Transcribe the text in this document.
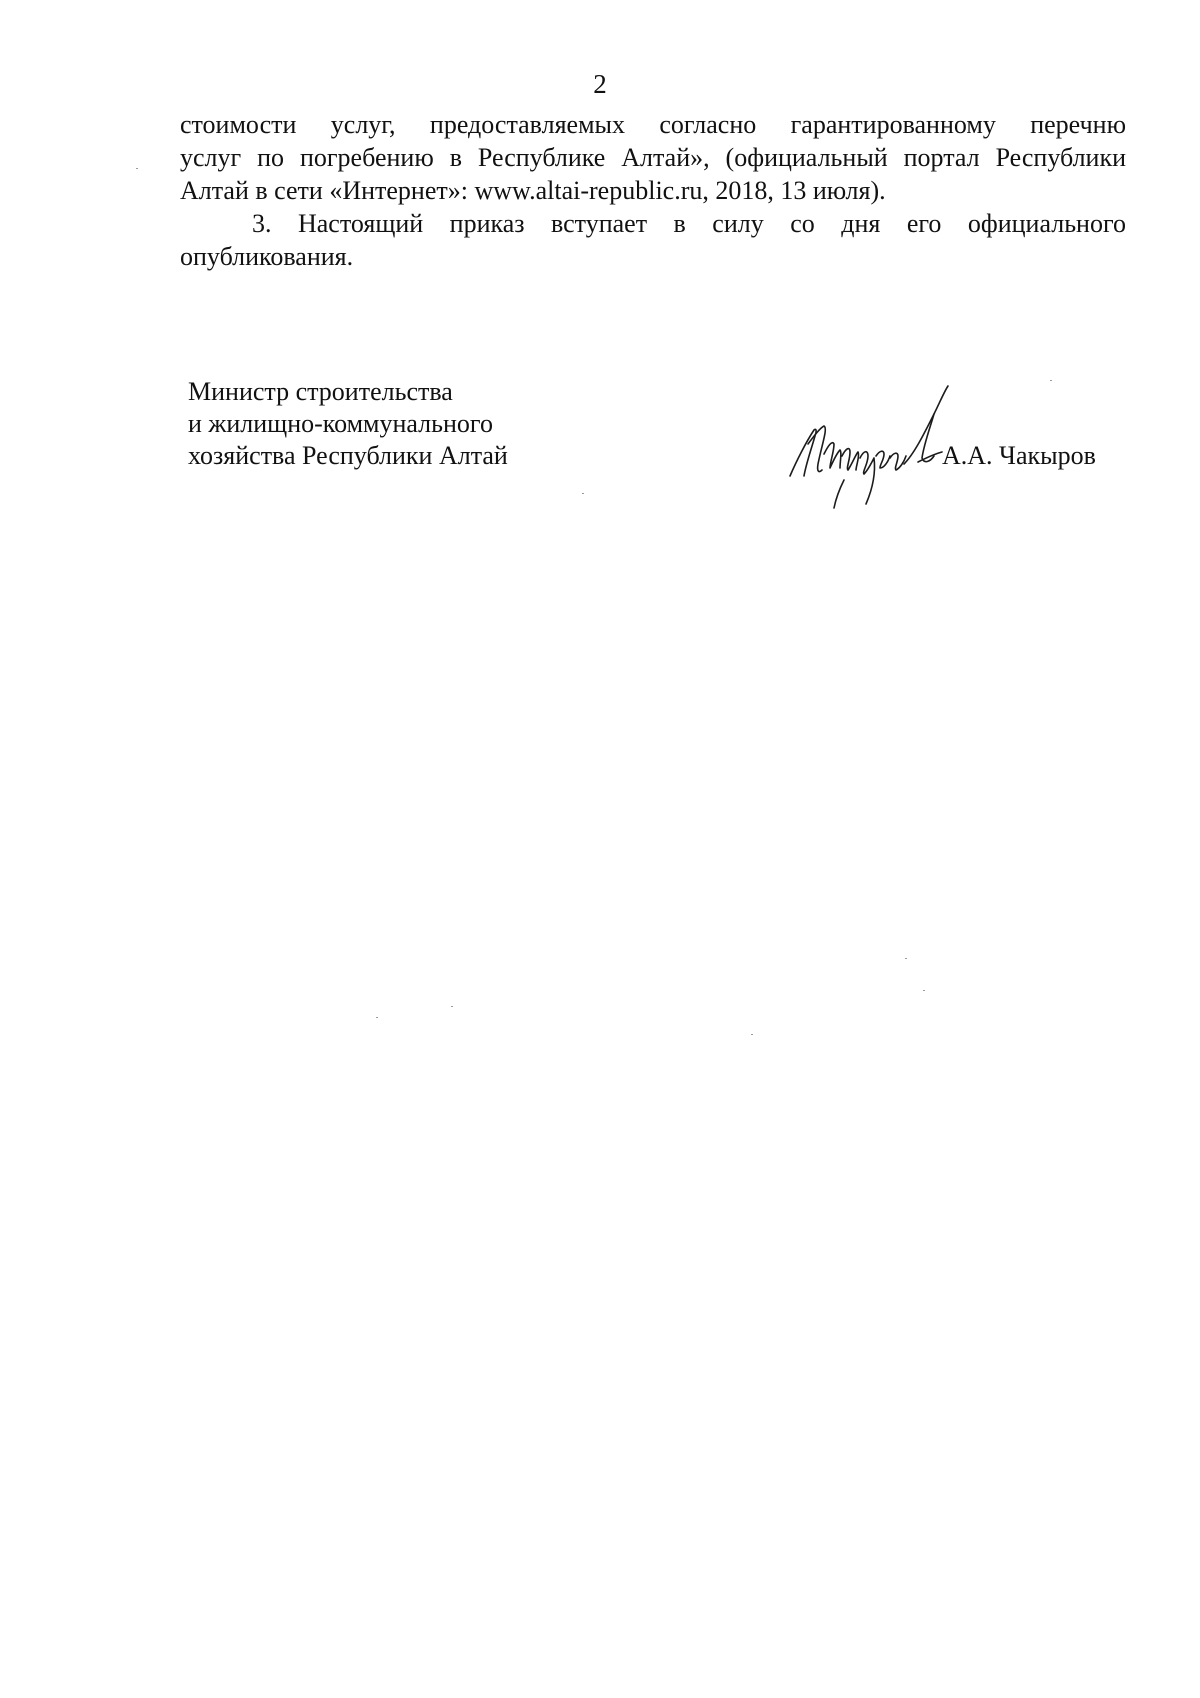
2

стоимости услуг, предоставляемых согласно гарантированному перечню
услуг по погребению в Республике Алтай», (официальный портал Республики
Алтай в сети «Интернет»: www.altai-republic.ru, 2018, 13 июля).

3. Настоящий приказ вступает в силу со дня его официального
опубликования.

Министр строительства
и жилищно-коммунального
хозяйства Республики Алтай	А.А. Чакыров
